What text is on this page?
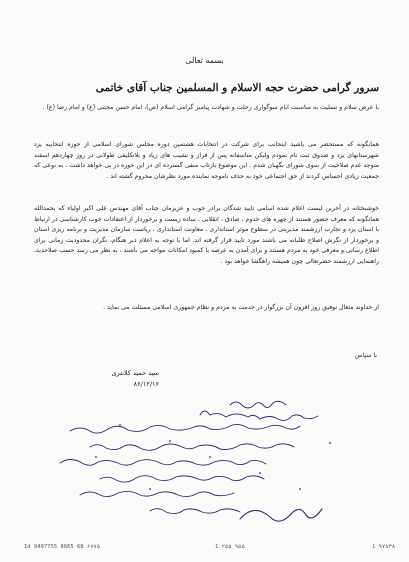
بسمه تعالی
سرور گرامی حضرت حجه الاسلام و المسلمین جناب آقای خاتمی
با عرض سلام و تسلیت به مناسبت ایام سوگواری رحلت و شهادت پیامبر گرامی اسلام (ص)، امام حسن مجتبی (ع) و امام رضا (ع) .
همانگونه که مستحضر می باشید اینجانب برای شرکت در انتخابات هشتمین دوره مجلس شورای اسلامی از حوزه انتخابیه یزد شهرستانهای یزد و صدوق ثبت نام نمودم ولیکن متاسفانه پس از فراز و نشیب های زیاد و بلاتکلیفی طولانی در روز چهاردهم اسفند متوجه عدم صلاحیت از سوی شورای نگهبان شدم . این موضوع بازتاب منفی گسترده ای در این حوزه در پی خواهد داشت ، به نوعی که جمعیت زیادی احساس کردند از حق اجتماعی خود به حذف ناموجه نماینده مورد نظرشان محروم گشته اند .
خوشبختانه در آخرین لیست اعلام شده اسامی تایید شدگان برادر خوب و عزیزمان جناب آقای مهندس علی اکبر اولیاء که بحمدالله همانگونه که معرف حضور هستند از چهره های خدوم ، صادق ، انقلابی ، ساده زیست و برخوردار از اعتقادات خوب کارشناسی در ارتباط با استان یزد و تجارب ارزشمند مدیریتی در سطوح موثر استانداری ، معاونت استانداری ، ریاست سازمان مدیریت و برنامه ریزی استان و برخوردار از نگرش اصلاح طلبانه می باشند مورد تایید قرار گرفته اند. اما با توجه به اعلام دیر هنگام، نگران محدودیت زمانی برای اطلاع رسانی و معرفی خود به مردم هستند و برای آمدن به عرصه با کمبود امکانات مواجه می باشند ، به نظر می رسد حسب صلاحدید، راهنمایی ارزشمند حضرتعالی چون همیشه راهگشا خواهد بود .
از خداوند متعال توفیق روز افزون آن بزرگوار در خدمت به مردم و نظام جمهوری اسلامی مسئلت می نماید .
با سپاس
سید حمید کلانتری
۸۶/۱۲/۱۶
Id 9497755 8665 68 ۶۷۷۵	1 ۲۵۵ ۹۵۵	1 ۹۷۸۳۸
